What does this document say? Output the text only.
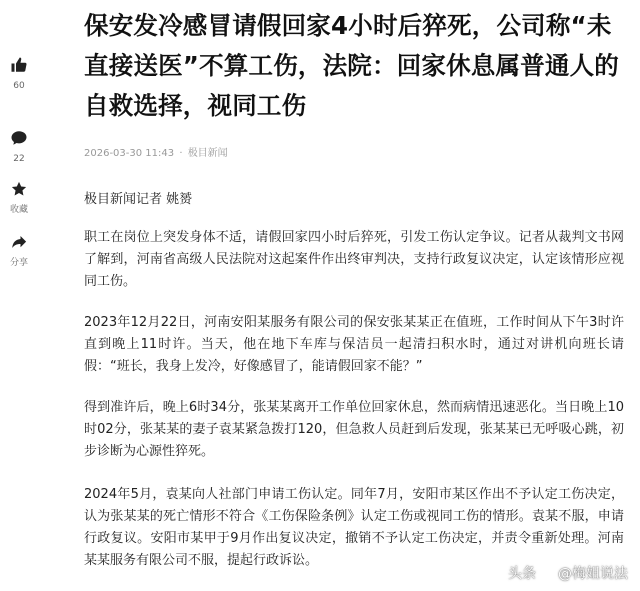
60
22
收藏
分享
保安发冷感冒请假回家4小时后猝死，公司称“未直接送医”不算工伤，法院：回家休息属普通人的自救选择，视同工伤
2026-03-30 11:43 · 极目新闻

极目新闻记者 姚赟

职工在岗位上突发身体不适，请假回家四小时后猝死，引发工伤认定争议。记者从裁判文书网了解到，河南省高级人民法院对这起案件作出终审判决，支持行政复议决定，认定该情形应视同工伤。

2023年12月22日，河南安阳某服务有限公司的保安张某某正在值班，工作时间从下午3时许直到晚上11时许。当天，他在地下车库与保洁员一起清扫积水时，通过对讲机向班长请假：“班长，我身上发冷，好像感冒了，能请假回家不能？”

得到准许后，晚上6时34分，张某某离开工作单位回家休息，然而病情迅速恶化。当日晚上10时02分，张某某的妻子袁某紧急拨打120，但急救人员赶到后发现，张某某已无呼吸心跳，初步诊断为心源性猝死。

2024年5月，袁某向人社部门申请工伤认定。同年7月，安阳市某区作出不予认定工伤决定，认为张某某的死亡情形不符合《工伤保险条例》认定工伤或视同工伤的情形。袁某不服，申请行政复议。安阳市某甲于9月作出复议决定，撤销不予认定工伤决定，并责令重新处理。河南某某服务有限公司不服，提起行政诉讼。

头条 @梅姐说法
